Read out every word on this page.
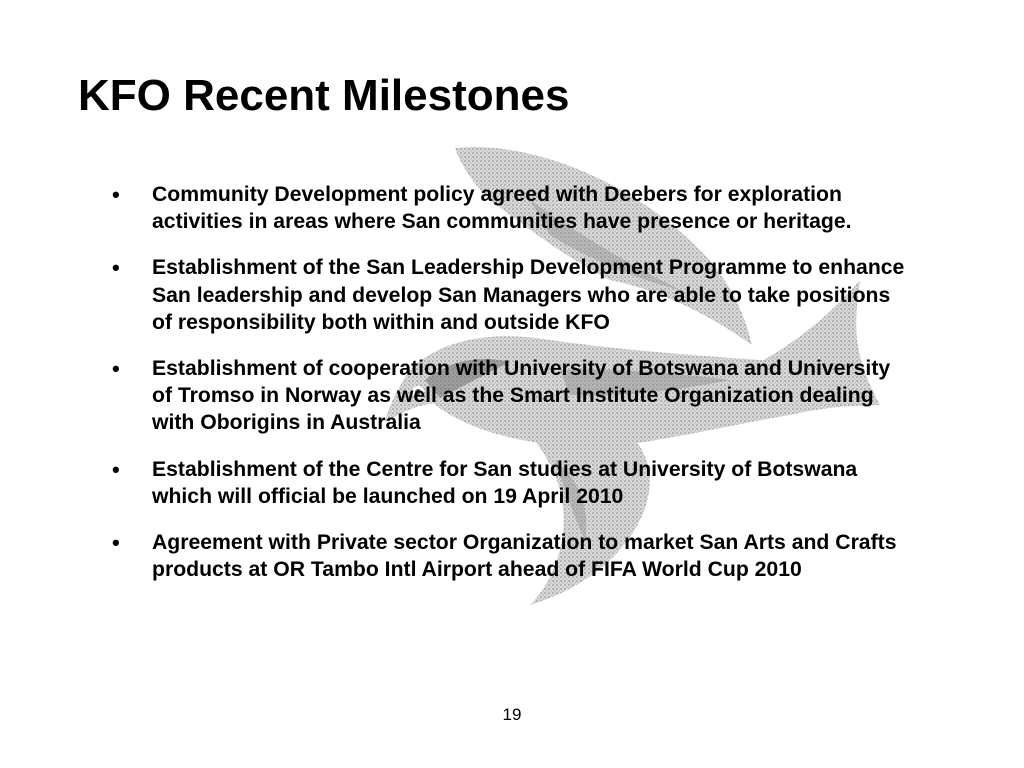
KFO Recent Milestones
• Community Development policy agreed with Deebers for exploration activities in areas where San communities have presence or heritage.
• Establishment of the San Leadership Development Programme to enhance San leadership and develop San Managers who are able to take positions of responsibility both within and outside KFO
• Establishment of cooperation with University of Botswana and University of Tromso in Norway as well as the Smart Institute Organization dealing with Oborigins in Australia
• Establishment of the Centre for San studies at University of Botswana which will official be launched on 19 April 2010
• Agreement with Private sector Organization to market San Arts and Crafts products at OR Tambo Intl Airport ahead of FIFA World Cup 2010
19
